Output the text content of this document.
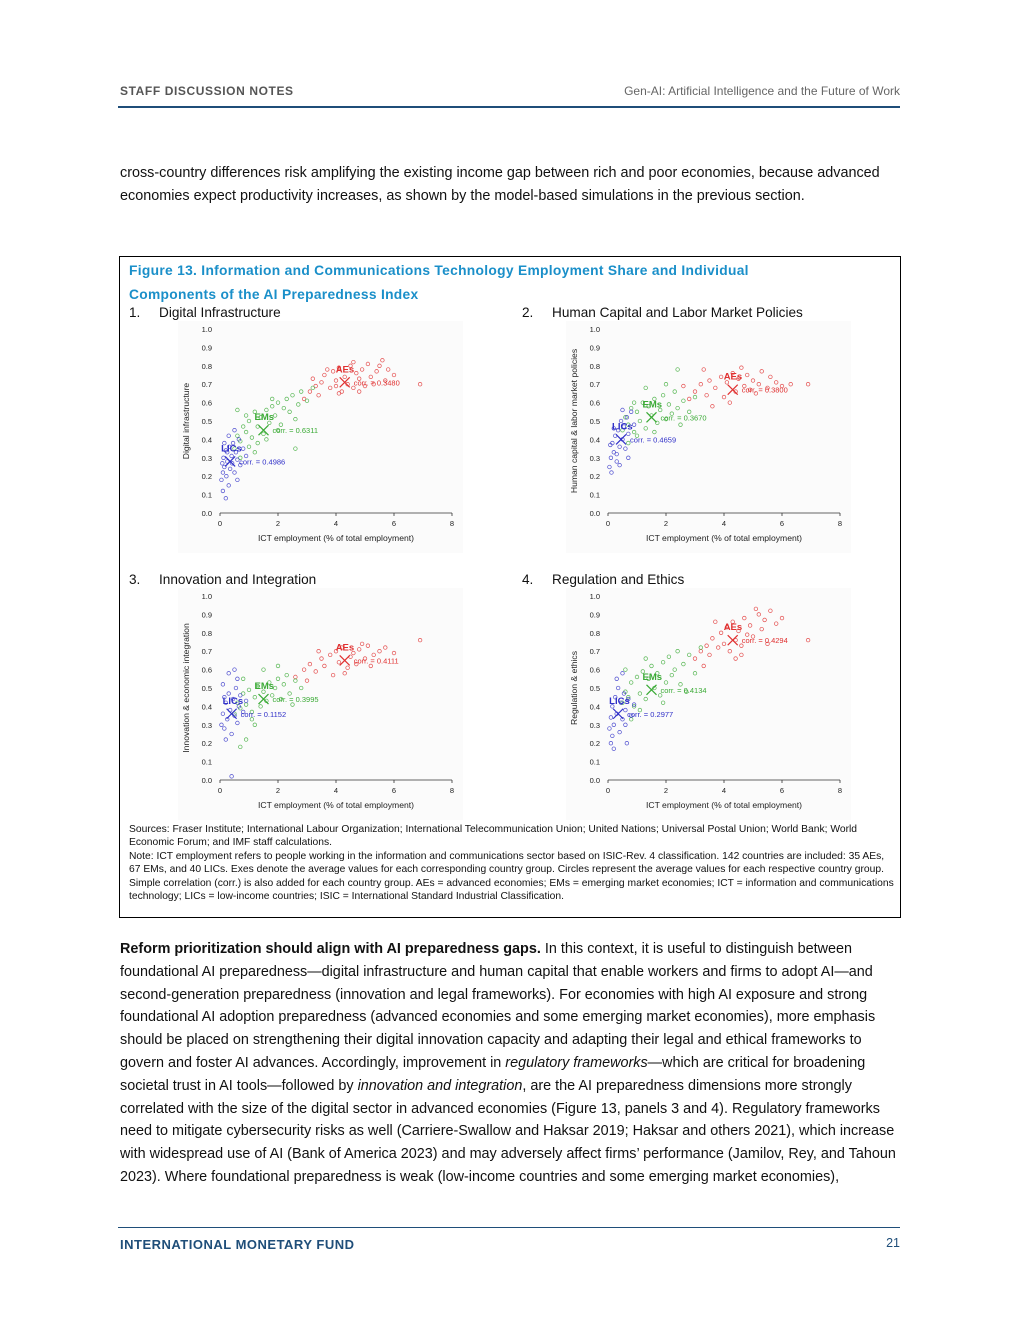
STAFF DISCUSSION NOTES	Gen-AI: Artificial Intelligence and the Future of Work

cross-country differences risk amplifying the existing income gap between rich and poor economies, because advanced economies expect productivity increases, as shown by the model-based simulations in the previous section.

Figure 13. Information and Communications Technology Employment Share and Individual
Components of the AI Preparedness Index
1. Digital Infrastructure	2. Human Capital and Labor Market Policies
3. Innovation and Integration	4. Regulation and Ethics
0.0
0.1
0.2
0.3
0.4
0.5
0.6
0.7
0.8
0.9
1.0
0	2	4	6	8
ICT employment (% of total employment)
Digital infrastructure
AEs
corr. = 0.3480
EMs
corr. = 0.6311
LICs
corr. = 0.4986
0.0
0.1
0.2
0.3
0.4
0.5
0.6
0.7
0.8
0.9
1.0
0	2	4	6	8
ICT employment (% of total employment)
Human capital & labor market policies	AEs
corr. = 0.3800
EMs
corr. = 0.3670
LICs
corr. = 0.4659
0.0
0.1
0.2
0.3
0.4
0.5
0.6
0.7
0.8
0.9
1.0
0	2	4	6	8
ICT employment (% of total employment)
Innovation & economic integration	AEs
corr. = 0.4111
EMs
corr. = 0.3995
LICs
corr. = 0.1152
0.0
0.1
0.2
0.3
0.4
0.5
0.6
0.7
0.8
0.9
1.0
0	2	4	6	8
ICT employment (% of total employment)
Regulation & ethics
AEs
corr. = 0.4294
EMs
corr. = 0.4134
LICs
corr. = 0.2977

Sources: Fraser Institute; International Labour Organization; International Telecommunication Union; United Nations; Universal Postal Union; World Bank; World Economic Forum; and IMF staff calculations.

Note: ICT employment refers to people working in the information and communications sector based on ISIC-Rev. 4 classification. 142 countries are included: 35 AEs, 67 EMs, and 40 LICs. Exes denote the average values for each corresponding country group. Circles represent the average values for each respective country group. Simple correlation (corr.) is also added for each country group. AEs = advanced economies; EMs = emerging market economies; ICT = information and communications technology; LICs = low-income countries; ISIC = International Standard Industrial Classification.

Reform prioritization should align with AI preparedness gaps. In this context, it is useful to distinguish between foundational AI preparedness—digital infrastructure and human capital that enable workers and firms to adopt AI—and second-generation preparedness (innovation and legal frameworks). For economies with high AI exposure and strong foundational AI adoption preparedness (advanced economies and some emerging market economies), more emphasis should be placed on strengthening their digital innovation capacity and adapting their legal and ethical frameworks to govern and foster AI advances. Accordingly, improvement in regulatory frameworks—which are critical for broadening societal trust in AI tools—followed by innovation and integration, are the AI preparedness dimensions more strongly correlated with the size of the digital sector in advanced economies (Figure 13, panels 3 and 4). Regulatory frameworks need to mitigate cybersecurity risks as well (Carriere-Swallow and Haksar 2019; Haksar and others 2021), which increase with widespread use of AI (Bank of America 2023) and may adversely affect firms’ performance (Jamilov, Rey, and Tahoun 2023). Where foundational preparedness is weak (low-income countries and some emerging market economies),

INTERNATIONAL MONETARY FUND	21
